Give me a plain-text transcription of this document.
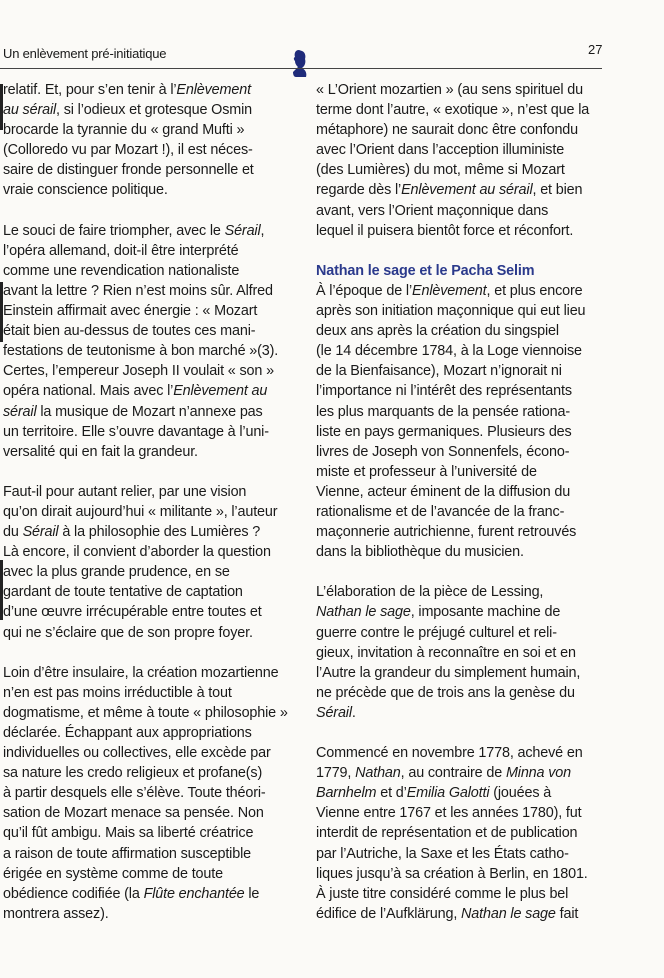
Un enlèvement pré-initiatique	27

relatif. Et, pour s’en tenir à l’Enlèvement
au sérail, si l’odieux et grotesque Osmin
brocarde la tyrannie du « grand Mufti »
(Colloredo vu par Mozart !), il est néces-
saire de distinguer fronde personnelle et
vraie conscience politique.

Le souci de faire triompher, avec le Sérail,
l’opéra allemand, doit-il être interprété
comme une revendication nationaliste
avant la lettre ? Rien n’est moins sûr. Alfred
Einstein affirmait avec énergie : « Mozart
était bien au-dessus de toutes ces mani-
festations de teutonisme à bon marché »(3).
Certes, l’empereur Joseph II voulait « son »
opéra national. Mais avec l’Enlèvement au
sérail la musique de Mozart n’annexe pas
un territoire. Elle s’ouvre davantage à l’uni-
versalité qui en fait la grandeur.

Faut-il pour autant relier, par une vision
qu’on dirait aujourd’hui « militante », l’auteur
du Sérail à la philosophie des Lumières ?
Là encore, il convient d’aborder la question
avec la plus grande prudence, en se
gardant de toute tentative de captation
d’une œuvre irrécupérable entre toutes et
qui ne s’éclaire que de son propre foyer.

Loin d’être insulaire, la création mozartienne
n’en est pas moins irréductible à tout
dogmatisme, et même à toute « philosophie »
déclarée. Échappant aux appropriations
individuelles ou collectives, elle excède par
sa nature les credo religieux et profane(s)
à partir desquels elle s’élève. Toute théori-
sation de Mozart menace sa pensée. Non
qu’il fût ambigu. Mais sa liberté créatrice
a raison de toute affirmation susceptible
érigée en système comme de toute
obédience codifiée (la Flûte enchantée le
montrera assez).

« L’Orient mozartien » (au sens spirituel du
terme dont l’autre, « exotique », n’est que la
métaphore) ne saurait donc être confondu
avec l’Orient dans l’acception illuministe
(des Lumières) du mot, même si Mozart
regarde dès l’Enlèvement au sérail, et bien
avant, vers l’Orient maçonnique dans
lequel il puisera bientôt force et réconfort.

Nathan le sage et le Pacha Selim
À l’époque de l’Enlèvement, et plus encore
après son initiation maçonnique qui eut lieu
deux ans après la création du singspiel
(le 14 décembre 1784, à la Loge viennoise
de la Bienfaisance), Mozart n’ignorait ni
l’importance ni l’intérêt des représentants
les plus marquants de la pensée rationa-
liste en pays germaniques. Plusieurs des
livres de Joseph von Sonnenfels, écono-
miste et professeur à l’université de
Vienne, acteur éminent de la diffusion du
rationalisme et de l’avancée de la franc-
maçonnerie autrichienne, furent retrouvés
dans la bibliothèque du musicien.

L’élaboration de la pièce de Lessing,
Nathan le sage, imposante machine de
guerre contre le préjugé culturel et reli-
gieux, invitation à reconnaître en soi et en
l’Autre la grandeur du simplement humain,
ne précède que de trois ans la genèse du
Sérail.

Commencé en novembre 1778, achevé en
1779, Nathan, au contraire de Minna von
Barnhelm et d’Emilia Galotti (jouées à
Vienne entre 1767 et les années 1780), fut
interdit de représentation et de publication
par l’Autriche, la Saxe et les États catho-
liques jusqu’à sa création à Berlin, en 1801.
À juste titre considéré comme le plus bel
édifice de l’Aufklärung, Nathan le sage fait
